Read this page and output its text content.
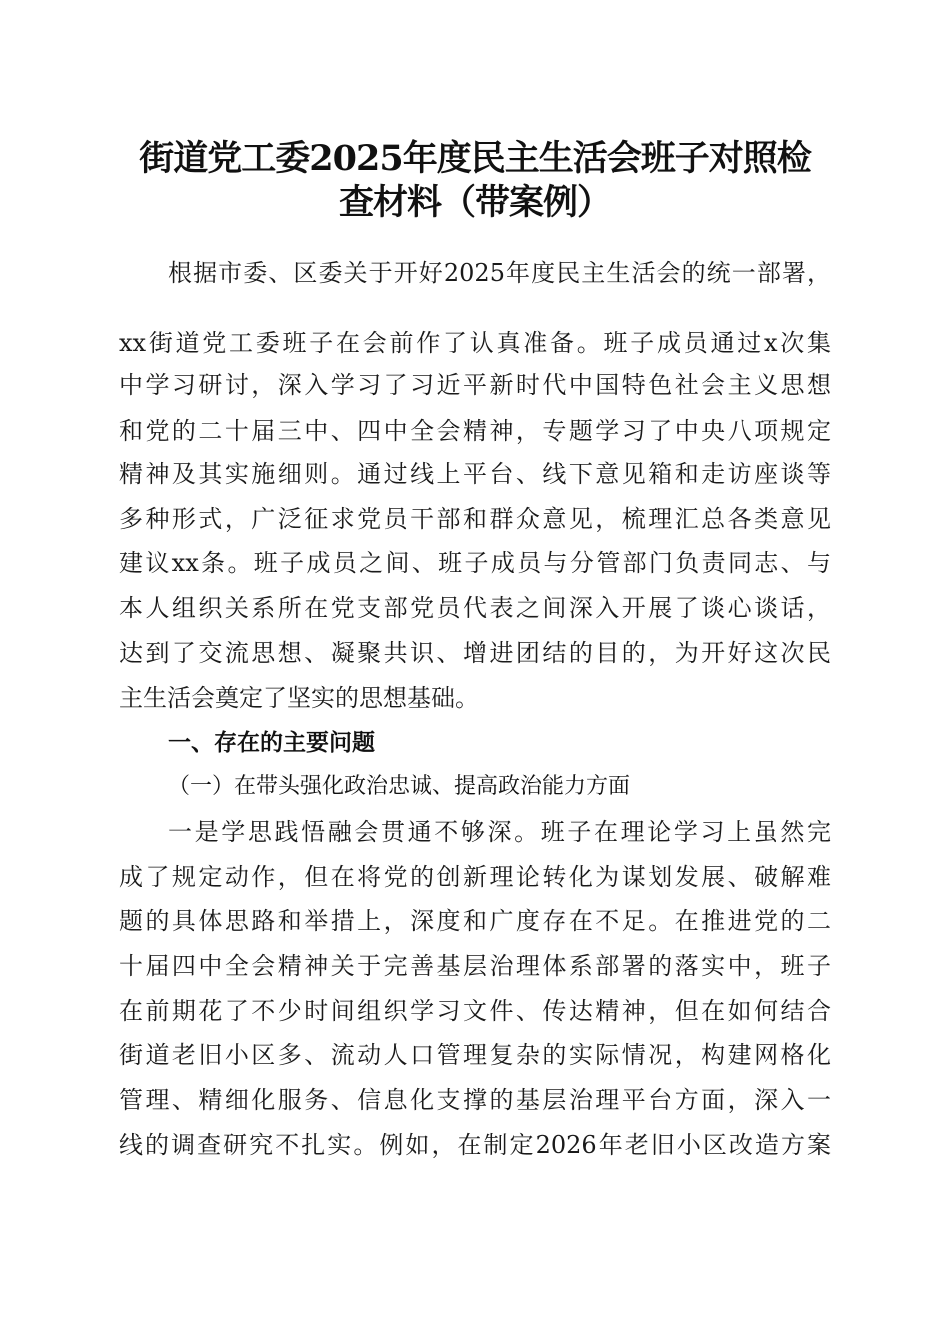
街道党工委2025年度民主生活会班子对照检
查材料（带案例）
根据市委、区委关于开好2025年度民主生活会的统一部署，
xx街道党工委班子在会前作了认真准备。班子成员通过x次集
中学习研讨，深入学习了习近平新时代中国特色社会主义思想
和党的二十届三中、四中全会精神，专题学习了中央八项规定
精神及其实施细则。通过线上平台、线下意见箱和走访座谈等
多种形式，广泛征求党员干部和群众意见，梳理汇总各类意见
建议xx条。班子成员之间、班子成员与分管部门负责同志、与
本人组织关系所在党支部党员代表之间深入开展了谈心谈话，
达到了交流思想、凝聚共识、增进团结的目的，为开好这次民
主生活会奠定了坚实的思想基础。
一、存在的主要问题
（一）在带头强化政治忠诚、提高政治能力方面
一是学思践悟融会贯通不够深。班子在理论学习上虽然完
成了规定动作，但在将党的创新理论转化为谋划发展、破解难
题的具体思路和举措上，深度和广度存在不足。在推进党的二
十届四中全会精神关于完善基层治理体系部署的落实中，班子
在前期花了不少时间组织学习文件、传达精神，但在如何结合
街道老旧小区多、流动人口管理复杂的实际情况，构建网格化
管理、精细化服务、信息化支撑的基层治理平台方面，深入一
线的调查研究不扎实。例如，在制定2026年老旧小区改造方案
